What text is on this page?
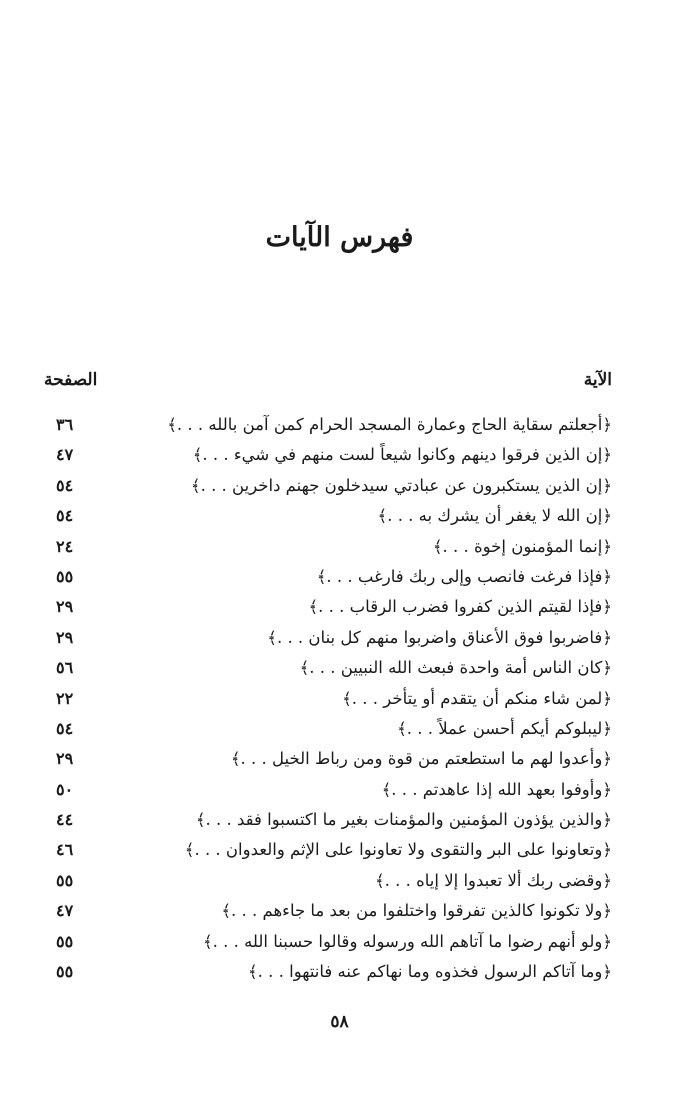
فهرس الآيات
الآية
الصفحة
﴿أجعلتم سقاية الحاج وعمارة المسجد الحرام كمن آمن بالله . . .﴾
٣٦
﴿إن الذين فرقوا دينهم وكانوا شيعاً لست منهم في شيء . . .﴾
٤٧
﴿إن الذين يستكبرون عن عبادتي سيدخلون جهنم داخرين . . .﴾
٥٤
﴿إن الله لا يغفر أن يشرك به . . .﴾
٥٤
﴿إنما المؤمنون إخوة . . .﴾
٢٤
﴿فإذا فرغت فانصب وإلى ربك فارغب . . .﴾
٥٥
﴿فإذا لقيتم الذين كفروا فضرب الرقاب . . .﴾
٢٩
﴿فاضربوا فوق الأعناق واضربوا منهم كل بنان . . .﴾
٢٩
﴿كان الناس أمة واحدة فبعث الله النبيين . . .﴾
٥٦
﴿لمن شاء منكم أن يتقدم أو يتأخر . . .﴾
٢٢
﴿ليبلوكم أيكم أحسن عملاً . . .﴾
٥٤
﴿وأعدوا لهم ما استطعتم من قوة ومن رباط الخيل . . .﴾
٢٩
﴿وأوفوا بعهد الله إذا عاهدتم . . .﴾
٥٠
﴿والذين يؤذون المؤمنين والمؤمنات بغير ما اكتسبوا فقد . . .﴾
٤٤
﴿وتعاونوا على البر والتقوى ولا تعاونوا على الإثم والعدوان . . .﴾
٤٦
﴿وقضى ربك ألا تعبدوا إلا إياه . . .﴾
٥٥
﴿ولا تكونوا كالذين تفرقوا واختلفوا من بعد ما جاءهم . . .﴾
٤٧
﴿ولو أنهم رضوا ما آتاهم الله ورسوله وقالوا حسبنا الله . . .﴾
٥٥
﴿وما آتاكم الرسول فخذوه وما نهاكم عنه فانتهوا . . .﴾
٥٥
٥٨
